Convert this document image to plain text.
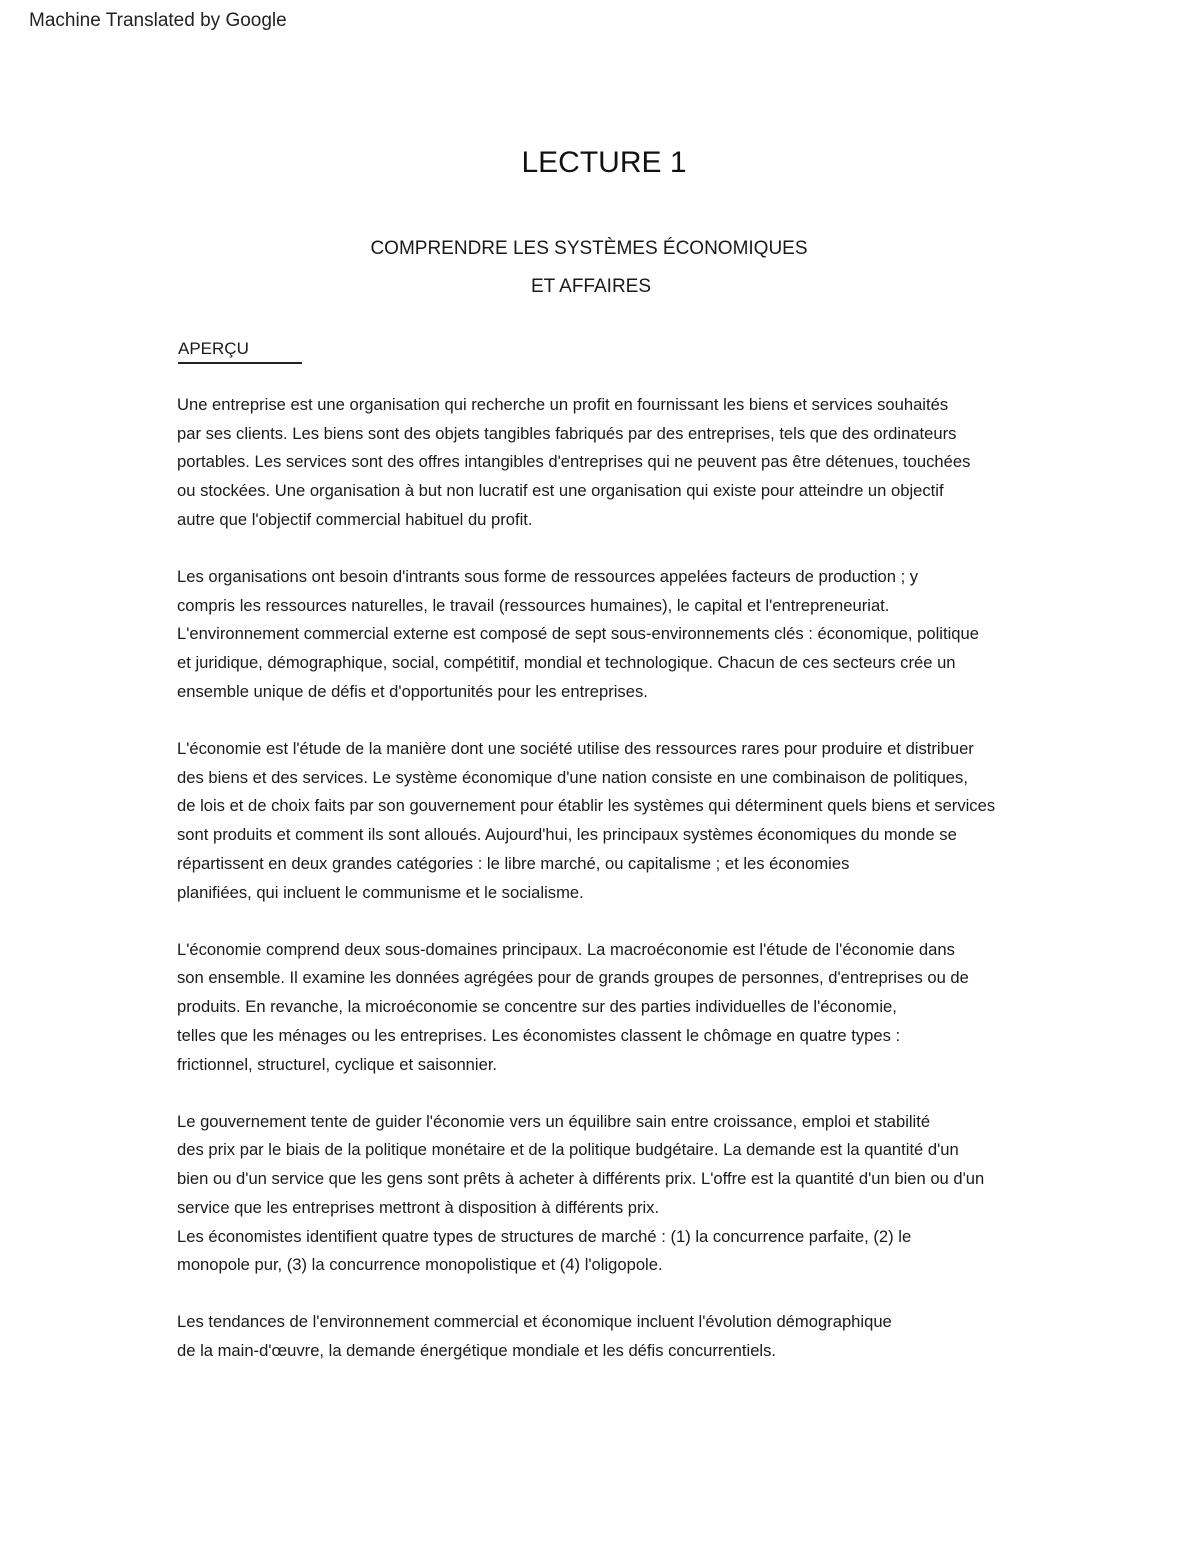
Machine Translated by Google
LECTURE 1
COMPRENDRE LES SYSTÈMES ÉCONOMIQUES
ET AFFAIRES
APERÇU
Une entreprise est une organisation qui recherche un profit en fournissant les biens et services souhaités
par ses clients. Les biens sont des objets tangibles fabriqués par des entreprises, tels que des ordinateurs
portables. Les services sont des offres intangibles d'entreprises qui ne peuvent pas être détenues, touchées
ou stockées. Une organisation à but non lucratif est une organisation qui existe pour atteindre un objectif
autre que l'objectif commercial habituel du profit.
Les organisations ont besoin d'intrants sous forme de ressources appelées facteurs de production ; y
compris les ressources naturelles, le travail (ressources humaines), le capital et l'entrepreneuriat.
L'environnement commercial externe est composé de sept sous-environnements clés : économique, politique
et juridique, démographique, social, compétitif, mondial et technologique. Chacun de ces secteurs crée un
ensemble unique de défis et d'opportunités pour les entreprises.
L'économie est l'étude de la manière dont une société utilise des ressources rares pour produire et distribuer
des biens et des services. Le système économique d'une nation consiste en une combinaison de politiques,
de lois et de choix faits par son gouvernement pour établir les systèmes qui déterminent quels biens et services
sont produits et comment ils sont alloués. Aujourd'hui, les principaux systèmes économiques du monde se
répartissent en deux grandes catégories : le libre marché, ou capitalisme ; et les économies
planifiées, qui incluent le communisme et le socialisme.
L'économie comprend deux sous-domaines principaux. La macroéconomie est l'étude de l'économie dans
son ensemble. Il examine les données agrégées pour de grands groupes de personnes, d'entreprises ou de
produits. En revanche, la microéconomie se concentre sur des parties individuelles de l'économie,
telles que les ménages ou les entreprises. Les économistes classent le chômage en quatre types :
frictionnel, structurel, cyclique et saisonnier.
Le gouvernement tente de guider l'économie vers un équilibre sain entre croissance, emploi et stabilité
des prix par le biais de la politique monétaire et de la politique budgétaire. La demande est la quantité d'un
bien ou d'un service que les gens sont prêts à acheter à différents prix. L'offre est la quantité d'un bien ou d'un
service que les entreprises mettront à disposition à différents prix.
Les économistes identifient quatre types de structures de marché : (1) la concurrence parfaite, (2) le
monopole pur, (3) la concurrence monopolistique et (4) l'oligopole.
Les tendances de l'environnement commercial et économique incluent l'évolution démographique
de la main-d'œuvre, la demande énergétique mondiale et les défis concurrentiels.
